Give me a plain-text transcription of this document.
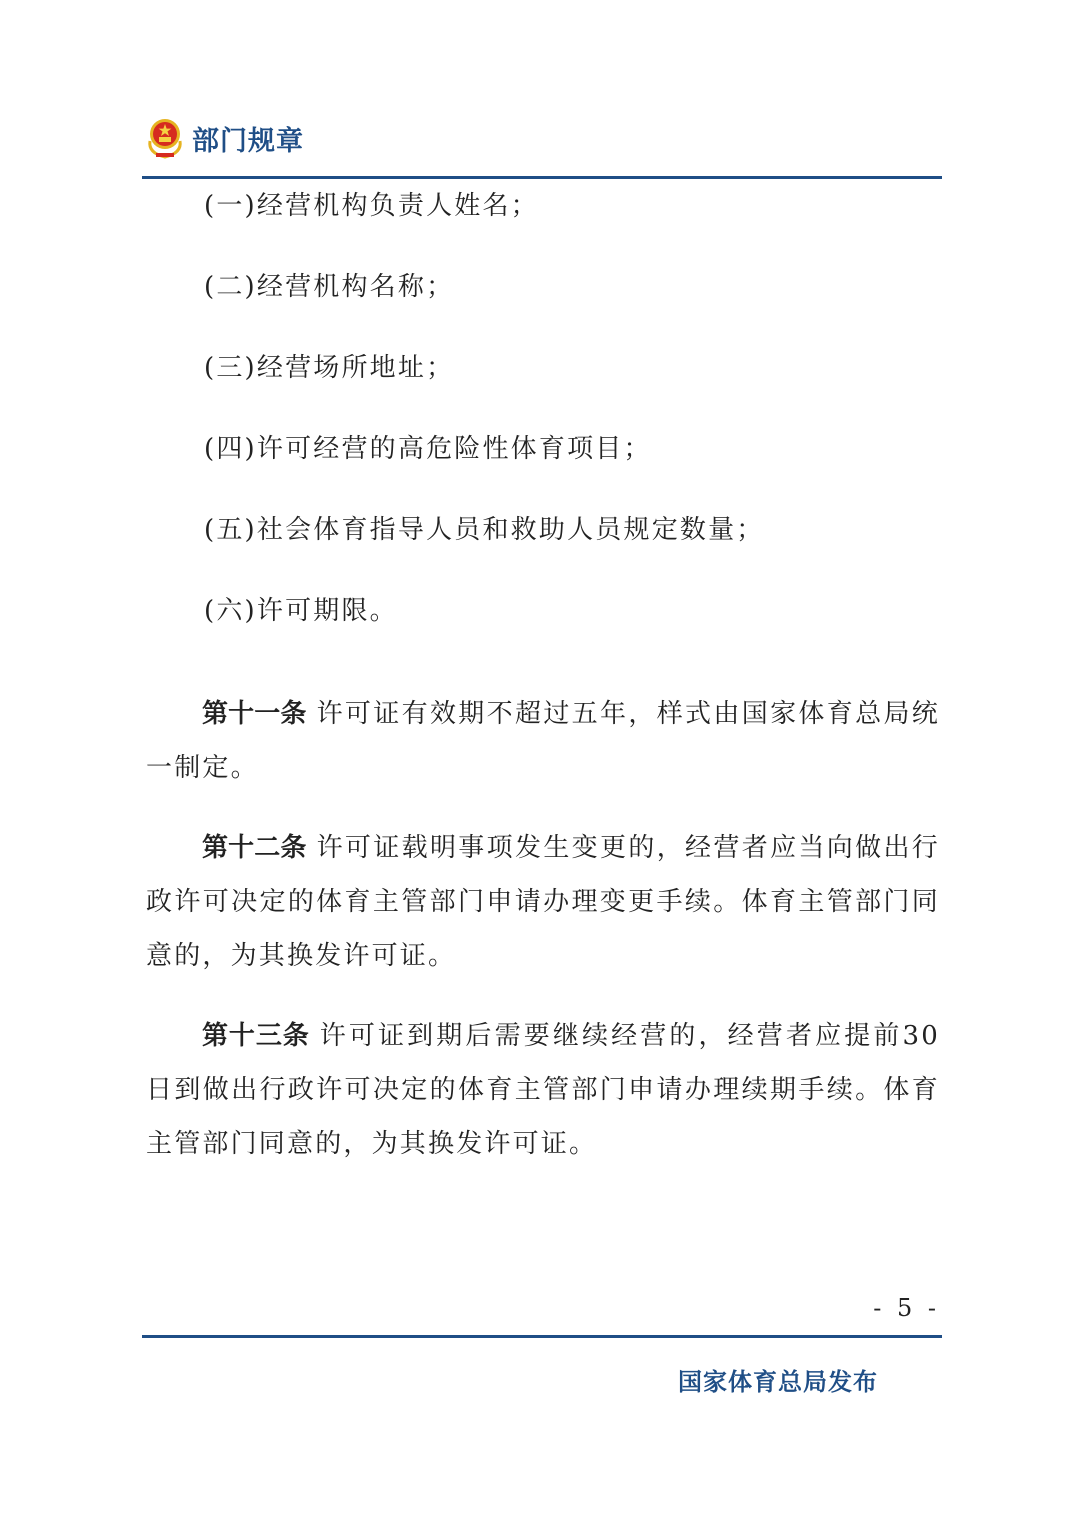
部门规章

(一)经营机构负责人姓名；

(二)经营机构名称；

(三)经营场所地址；

(四)许可经营的高危险性体育项目；

(五)社会体育指导人员和救助人员规定数量；

(六)许可期限。

第十一条 许可证有效期不超过五年，样式由国家体育总局统一制定。

第十二条 许可证载明事项发生变更的，经营者应当向做出行政许可决定的体育主管部门申请办理变更手续。体育主管部门同意的，为其换发许可证。

第十三条 许可证到期后需要继续经营的，经营者应提前30日到做出行政许可决定的体育主管部门申请办理续期手续。体育主管部门同意的，为其换发许可证。

- 5 -
国家体育总局发布
